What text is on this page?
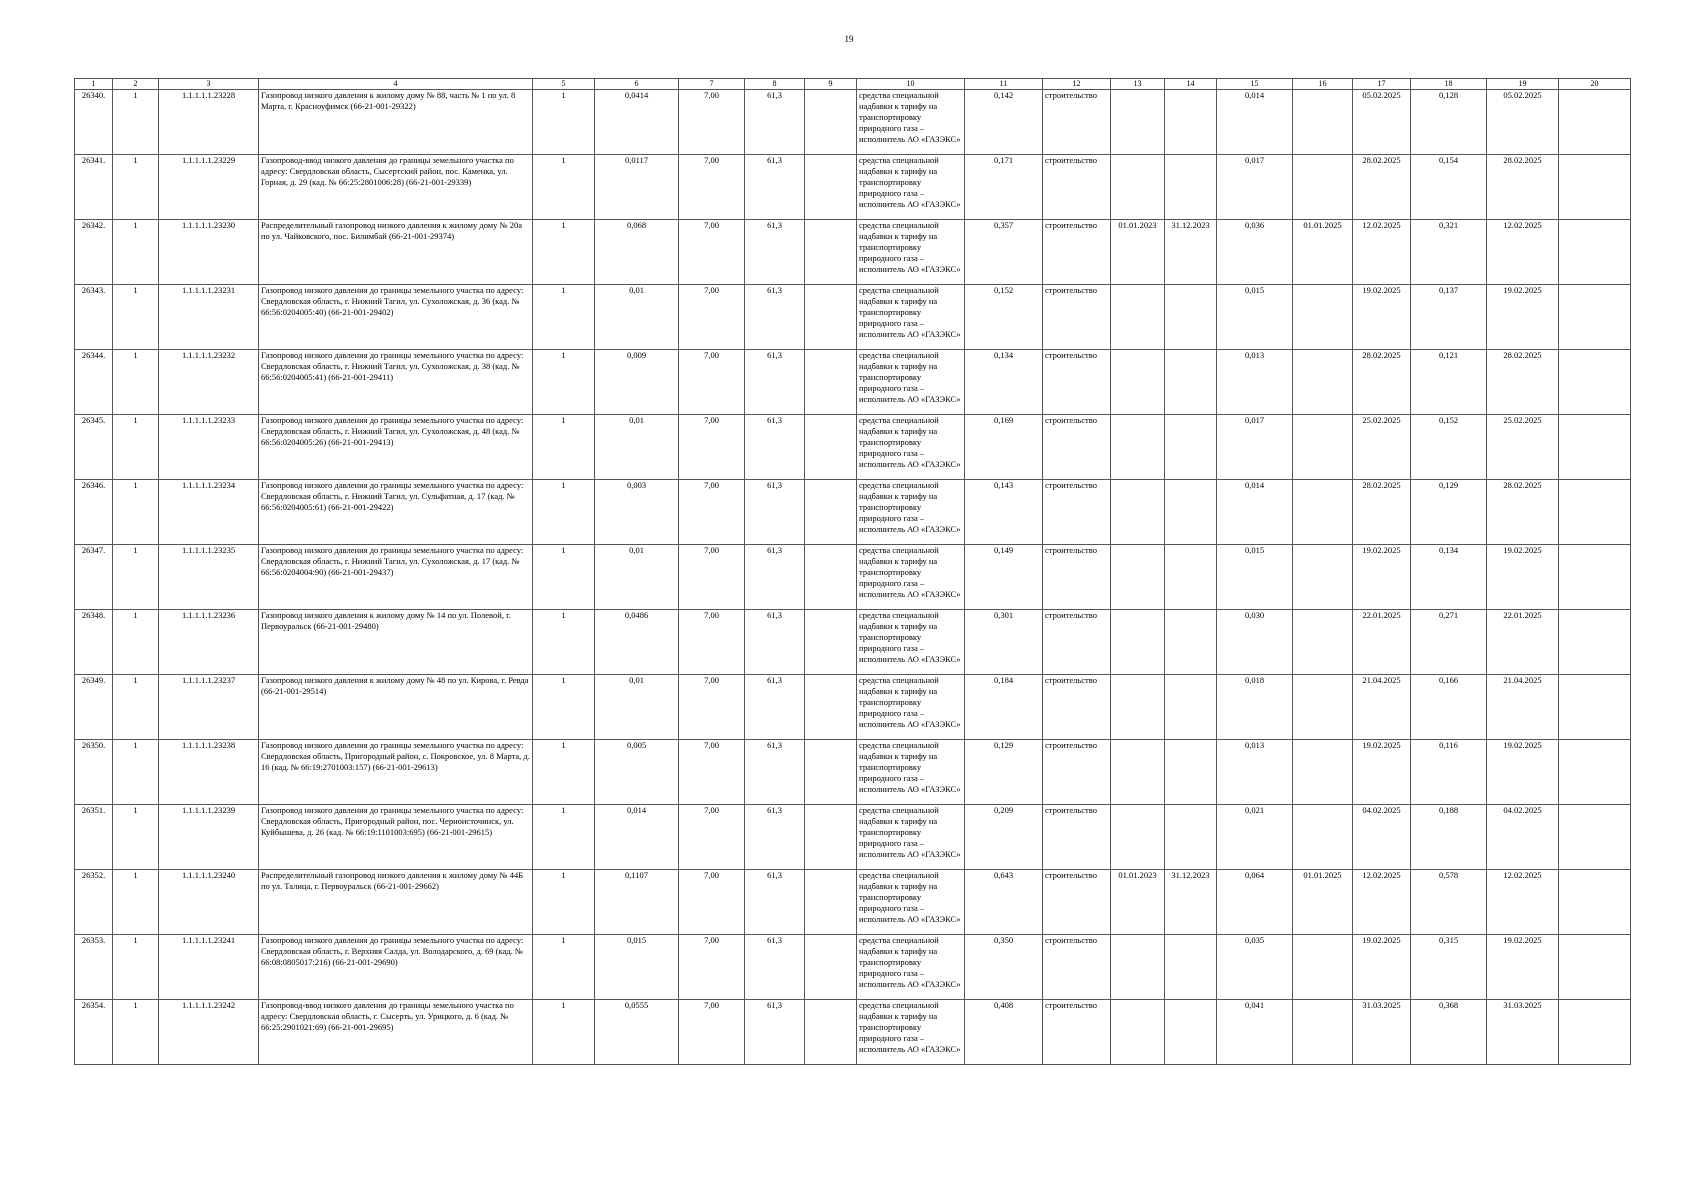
19
1	2	3	4	5	6	7	8	9	10	11	12	13	14	15	16	17	18	19	20
26340.	1	1.1.1.1.1.23228	Газопровод низкого давления к жилому дому № 88, часть № 1 по ул. 8 Марта, г. Красноуфимск (66-21-001-29322)	1	0,0414	7,00	61,3		средства специальной надбавки к тарифу на транспортировку природного газа – исполнитель АО «ГАЗЭКС»	0,142	строительство			0,014		05.02.2025	0,128	05.02.2025	
26341.	1	1.1.1.1.1.23229	Газопровод-ввод низкого давления до границы земельного участка по адресу: Свердловская область, Сысертский район, пос. Каменка, ул. Горная, д. 29 (кад. № 66:25:2801006:28) (66-21-001-29339)	1	0,0117	7,00	61,3		средства специальной надбавки к тарифу на транспортировку природного газа – исполнитель АО «ГАЗЭКС»	0,171	строительство			0,017		28.02.2025	0,154	28.02.2025	
26342.	1	1.1.1.1.1.23230	Распределительный газопровод низкого давления к жилому дому № 20а по ул. Чайковского, пос. Билимбай (66-21-001-29374)	1	0,068	7,00	61,3		средства специальной надбавки к тарифу на транспортировку природного газа – исполнитель АО «ГАЗЭКС»	0,357	строительство	01.01.2023	31.12.2023	0,036	01.01.2025	12.02.2025	0,321	12.02.2025	
26343.	1	1.1.1.1.1.23231	Газопровод низкого давления до границы земельного участка по адресу: Свердловская область, г. Нижний Тагил, ул. Сухоложская, д. 36 (кад. № 66:56:0204005:40) (66-21-001-29402)	1	0,01	7,00	61,3		средства специальной надбавки к тарифу на транспортировку природного газа – исполнитель АО «ГАЗЭКС»	0,152	строительство			0,015		19.02.2025	0,137	19.02.2025	
26344.	1	1.1.1.1.1.23232	Газопровод низкого давления до границы земельного участка по адресу: Свердловская область, г. Нижний Тагил, ул. Сухоложская, д. 38 (кад. № 66:56:0204005:41) (66-21-001-29411)	1	0,009	7,00	61,3		средства специальной надбавки к тарифу на транспортировку природного газа – исполнитель АО «ГАЗЭКС»	0,134	строительство			0,013		28.02.2025	0,121	28.02.2025	
26345.	1	1.1.1.1.1.23233	Газопровод низкого давления до границы земельного участка по адресу: Свердловская область, г. Нижний Тагил, ул. Сухоложская, д. 48 (кад. № 66:56:0204005:26) (66-21-001-29413)	1	0,01	7,00	61,3		средства специальной надбавки к тарифу на транспортировку природного газа – исполнитель АО «ГАЗЭКС»	0,169	строительство			0,017		25.02.2025	0,152	25.02.2025	
26346.	1	1.1.1.1.1.23234	Газопровод низкого давления до границы земельного участка по адресу: Свердловская область, г. Нижний Тагил, ул. Сульфатная, д. 17 (кад. № 66:56:0204005:61) (66-21-001-29422)	1	0,003	7,00	61,3		средства специальной надбавки к тарифу на транспортировку природного газа – исполнитель АО «ГАЗЭКС»	0,143	строительство			0,014		28.02.2025	0,129	28.02.2025	
26347.	1	1.1.1.1.1.23235	Газопровод низкого давления до границы земельного участка по адресу: Свердловская область, г. Нижний Тагил, ул. Сухоложская, д. 17 (кад. № 66:56:0204004:90) (66-21-001-29437)	1	0,01	7,00	61,3		средства специальной надбавки к тарифу на транспортировку природного газа – исполнитель АО «ГАЗЭКС»	0,149	строительство			0,015		19.02.2025	0,134	19.02.2025	
26348.	1	1.1.1.1.1.23236	Газопровод низкого давления к жилому дому № 14 по ул. Полевой, г. Первоуральск (66-21-001-29480)	1	0,0486	7,00	61,3		средства специальной надбавки к тарифу на транспортировку природного газа – исполнитель АО «ГАЗЭКС»	0,301	строительство			0,030		22.01.2025	0,271	22.01.2025	
26349.	1	1.1.1.1.1.23237	Газопровод низкого давления к жилому дому № 48 по ул. Кирова, г. Ревда (66-21-001-29514)	1	0,01	7,00	61,3		средства специальной надбавки к тарифу на транспортировку природного газа – исполнитель АО «ГАЗЭКС»	0,184	строительство			0,018		21.04.2025	0,166	21.04.2025	
26350.	1	1.1.1.1.1.23238	Газопровод низкого давления до границы земельного участка по адресу: Свердловская область, Пригородный район, с. Покровское, ул. 8 Марта, д. 16 (кад. № 66:19:2701003:157) (66-21-001-29613)	1	0,005	7,00	61,3		средства специальной надбавки к тарифу на транспортировку природного газа – исполнитель АО «ГАЗЭКС»	0,129	строительство			0,013		19.02.2025	0,116	19.02.2025	
26351.	1	1.1.1.1.1.23239	Газопровод низкого давления до границы земельного участка по адресу: Свердловская область, Пригородный район, пос. Черноисточинск, ул. Куйбышева, д. 26 (кад. № 66:19:1101003:695) (66-21-001-29615)	1	0,014	7,00	61,3		средства специальной надбавки к тарифу на транспортировку природного газа – исполнитель АО «ГАЗЭКС»	0,209	строительство			0,021		04.02.2025	0,188	04.02.2025	
26352.	1	1.1.1.1.1.23240	Распределительный газопровод низкого давления к жилому дому № 44Б по ул. Талица, г. Первоуральск (66-21-001-29662)	1	0,1107	7,00	61,3		средства специальной надбавки к тарифу на транспортировку природного газа – исполнитель АО «ГАЗЭКС»	0,643	строительство	01.01.2023	31.12.2023	0,064	01.01.2025	12.02.2025	0,578	12.02.2025	
26353.	1	1.1.1.1.1.23241	Газопровод низкого давления до границы земельного участка по адресу: Свердловская область, г. Верхняя Салда, ул. Володарского, д. 69 (кад. № 66:08:0805017:216) (66-21-001-29690)	1	0,015	7,00	61,3		средства специальной надбавки к тарифу на транспортировку природного газа – исполнитель АО «ГАЗЭКС»	0,350	строительство			0,035		19.02.2025	0,315	19.02.2025	
26354.	1	1.1.1.1.1.23242	Газопровод-ввод низкого давления до границы земельного участка по адресу: Свердловская область, г. Сысерть, ул. Урицкого, д. 6 (кад. № 66:25:2901021:69) (66-21-001-29695)	1	0,0555	7,00	61,3		средства специальной надбавки к тарифу на транспортировку природного газа – исполнитель АО «ГАЗЭКС»	0,408	строительство			0,041		31.03.2025	0,368	31.03.2025	
